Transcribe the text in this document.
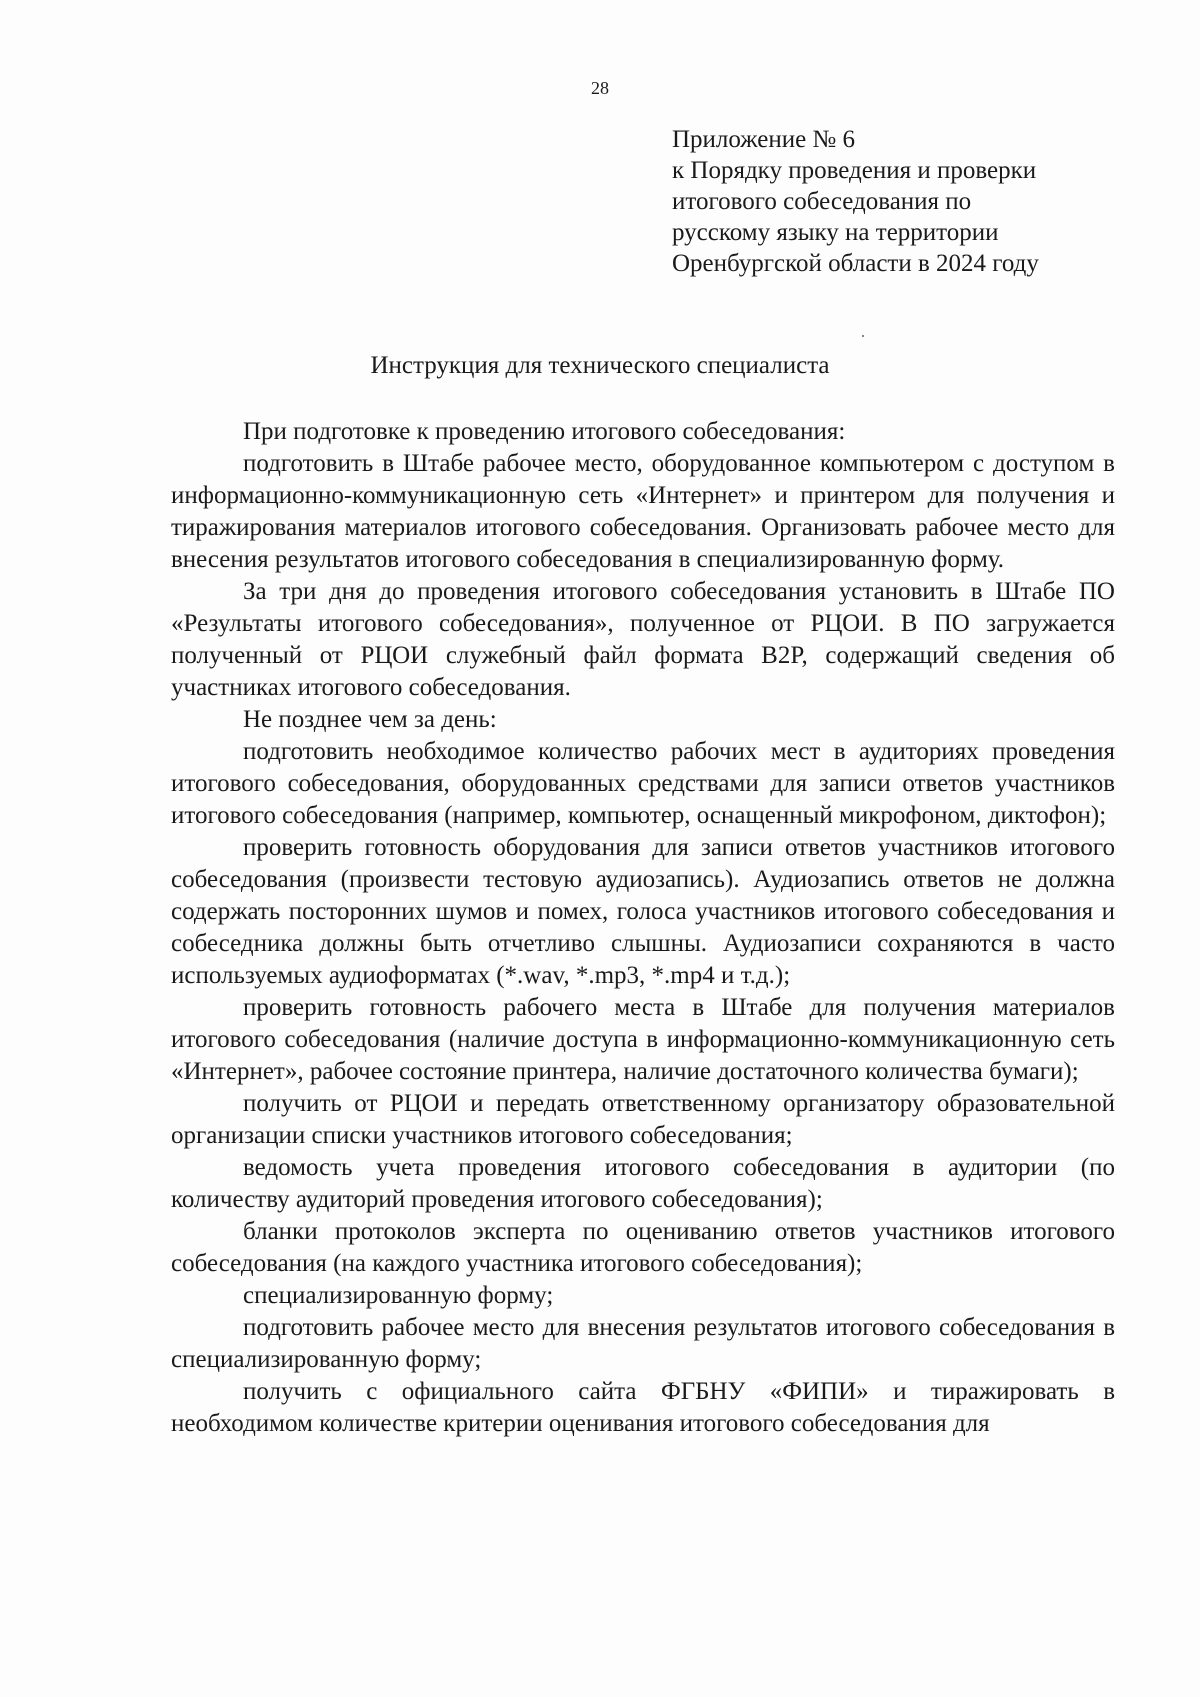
28
Приложение № 6
к Порядку проведения и проверки
итогового собеседования по
русскому языку на территории
Оренбургской области в 2024 году
Инструкция для технического специалиста

При подготовке к проведению итогового собеседования:

подготовить в Штабе рабочее место, оборудованное компьютером с доступом в информационно-коммуникационную сеть «Интернет» и принтером для получения и тиражирования материалов итогового собеседования. Организовать рабочее место для внесения результатов итогового собеседования в специализированную форму.

За три дня до проведения итогового собеседования установить в Штабе ПО «Результаты итогового собеседования», полученное от РЦОИ. В ПО загружается полученный от РЦОИ служебный файл формата B2P, содержащий сведения об участниках итогового собеседования.

Не позднее чем за день:

подготовить необходимое количество рабочих мест в аудиториях проведения итогового собеседования, оборудованных средствами для записи ответов участников итогового собеседования (например, компьютер, оснащенный микрофоном, диктофон);

проверить готовность оборудования для записи ответов участников итогового собеседования (произвести тестовую аудиозапись). Аудиозапись ответов не должна содержать посторонних шумов и помех, голоса участников итогового собеседования и собеседника должны быть отчетливо слышны. Аудиозаписи сохраняются в часто используемых аудиоформатах (*.wav, *.mp3, *.mp4 и т.д.);

проверить готовность рабочего места в Штабе для получения материалов итогового собеседования (наличие доступа в информационно-коммуникационную сеть «Интернет», рабочее состояние принтера, наличие достаточного количества бумаги);

получить от РЦОИ и передать ответственному организатору образовательной организации списки участников итогового собеседования;

ведомость учета проведения итогового собеседования в аудитории (по количеству аудиторий проведения итогового собеседования);

бланки протоколов эксперта по оцениванию ответов участников итогового собеседования (на каждого участника итогового собеседования);

специализированную форму;

подготовить рабочее место для внесения результатов итогового собеседования в специализированную форму;

получить с официального сайта ФГБНУ «ФИПИ» и тиражировать в необходимом количестве критерии оценивания итогового собеседования для
